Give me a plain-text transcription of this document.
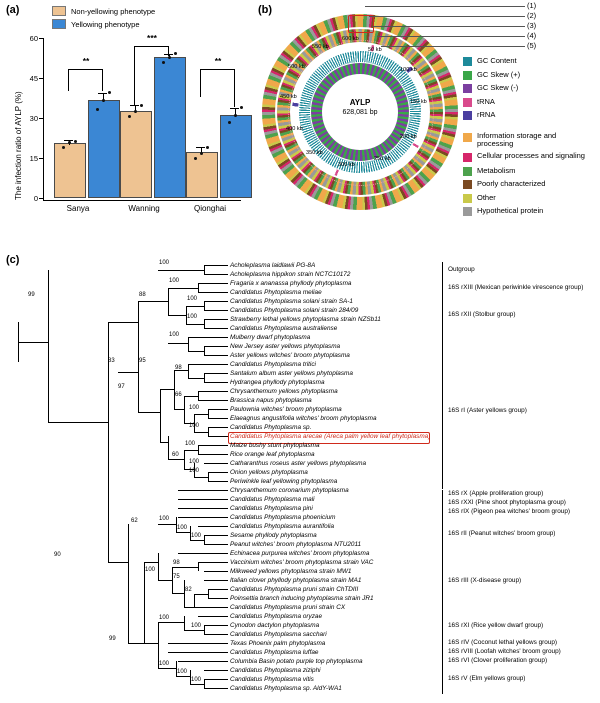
(a)	Non-yellowing phenotype
Yellowing phenotype
The infection ratio of AYLP (%)	0
15
30
45
60
**
***
**
Sanya	Wanning	Qionghai
(b)
AYLP
628,081 bp
50 kb
100 kb
150 kb
200 kb
250 kb
300 kb
350 kb
400 kb
450 kb
500 kb
550 kb
600 kb
(1)
(2)
(3)
(4)
(5)
GC Content
GC Skew (+)
GC Skew (-)
tRNA
rRNA
Information storage and processing
Cellular processes and signaling
Metabolism
Poorly characterized
Other
Hypothetical protein
(c)	Acholeplasma laidlawii PG-8A
Acholeplasma hippikon strain NCTC10172
Fragaria x ananassa phyllody phytoplasma
Candidatus Phytoplasma meliae
Candidatus Phytoplasma solani strain SA-1
Candidatus Phytoplasma solani strain 284/09
Strawberry lethal yellows phytoplasma strain NZSb11
Candidatus Phytoplasma australiense
Mulberry dwarf phytoplasma
New Jersey aster yellows phytoplasma
Aster yellows witches' broom phytoplasma
Candidatus Phytoplasma tritici
Santalum album aster yellows phytoplasma
Hydrangea phyllody phytoplasma
Chrysanthemum yellows phytoplasma
Brassica napus phytoplasma
Paulownia witches' broom phytoplasma
Elaeagnus angustifolia witches' broom phytoplasma
Candidatus Phytoplasma sp.
Candidatus Phytoplasma arecae (Areca palm yellow leaf phytoplasma)
Maize bushy stunt phytoplasma
Rice orange leaf phytoplasma
Catharanthus roseus aster yellows phytoplasma
Onion yellows phytoplasma
Periwinkle leaf yellowing phytoplasma
Chrysanthemum coronarium phytoplasma
Candidatus Phytoplasma mali
Candidatus Phytoplasma pini
Candidatus Phytoplasma phoenicium
Candidatus Phytoplasma aurantifolia
Sesame phyllody phytoplasma
Peanut witches' broom phytoplasma NTU2011
Echinacea purpurea witches' broom phytoplasma
Vaccinium witches' broom phytoplasma strain VAC
Milkweed yellows phytoplasma strain MW1
Italian clover phyllody phytoplasma strain MA1
Candidatus Phytoplasma pruni strain ChTDIII
Poinsettia branch inducing phytoplasma strain JR1
Candidatus Phytoplasma pruni strain CX
Candidatus Phytoplasma oryzae
Cynodon dactylon phytoplasma
Candidatus Phytoplasma sacchari
Texas Phoenix palm phytoplasma
Candidatus Phytoplasma luffae
Columbia Basin potato purple top phytoplasma
Candidatus Phytoplasma ziziphi
Candidatus Phytoplasma vitis
Candidatus Phytoplasma sp. AldY-WA1
100
100
99	88
100
100
100
83	95
98
97
66
100
100
100
60
100
100
100
62
100
100
90
98
100
75
82
100
100
99
100
100
100
Outgroup
16S rXIII (Mexican periwinkle virescence group)
16S rXII (Stolbur group)
16S rI (Aster yellows group)
16S rX (Apple proliferation group)
16S rXXI (Pine shoot phytoplasma group)
16S rIX (Pigeon pea witches' broom group)
16S rII (Peanut witches' broom group)
16S rIII (X-disease group)
16S rXI (Rice yellow dwarf group)
16S rIV (Coconut lethal yellows group)
16S rVIII (Loofah witches' broom group)
16S rVI (Clover proliferation group)
16S rV (Elm yellows group)
